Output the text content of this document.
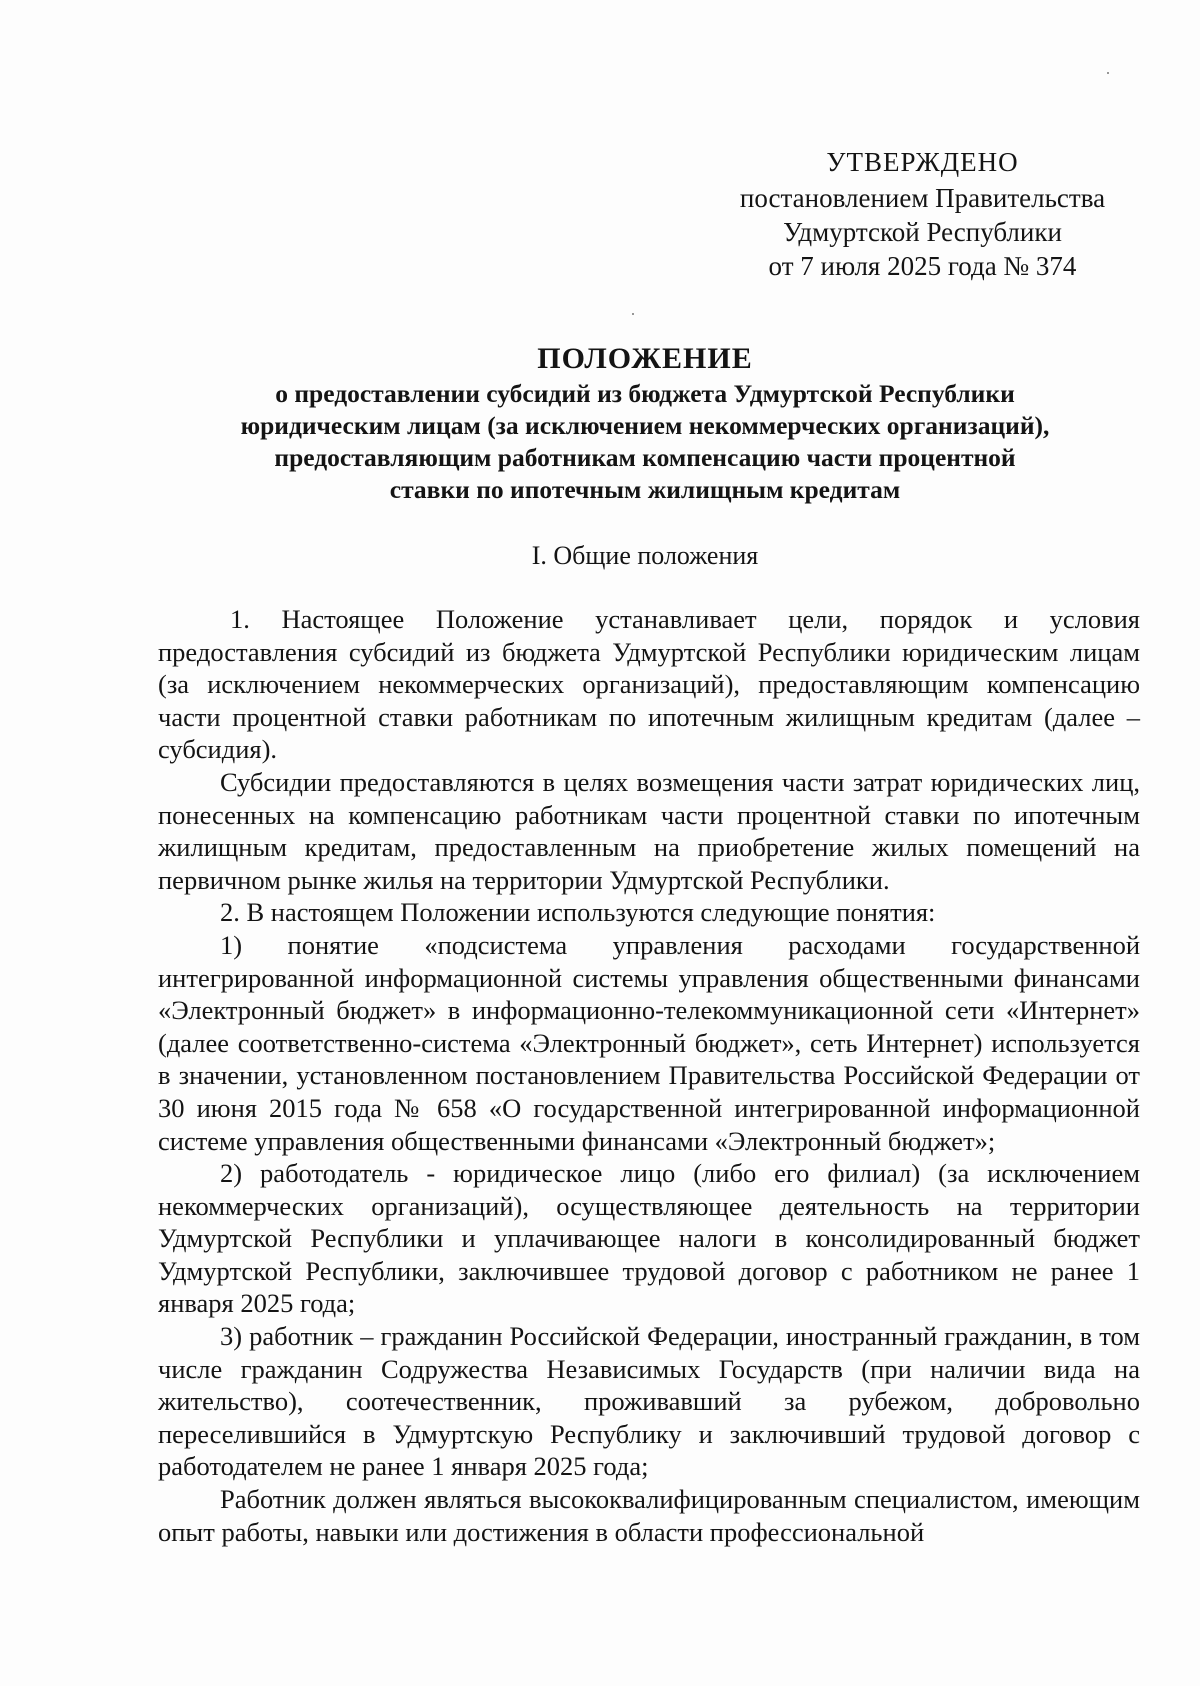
УТВЕРЖДЕНО
постановлением Правительства
Удмуртской Республики
от 7 июля 2025 года № 374
ПОЛОЖЕНИЕ
о предоставлении субсидий из бюджета Удмуртской Республики
юридическим лицам (за исключением некоммерческих организаций),
предоставляющим работникам компенсацию части процентной
ставки по ипотечным жилищным кредитам
I. Общие положения

1. Настоящее Положение устанавливает цели, порядок и условия предоставления субсидий из бюджета Удмуртской Республики юридическим лицам (за исключением некоммерческих организаций), предоставляющим компенсацию части процентной ставки работникам по ипотечным жилищным кредитам (далее –субсидия).

Субсидии предоставляются в целях возмещения части затрат юридических лиц, понесенных на компенсацию работникам части процентной ставки по ипотечным жилищным кредитам, предоставленным на приобретение жилых помещений на первичном рынке жилья на территории Удмуртской Республики.

2. В настоящем Положении используются следующие понятия:

1) понятие «подсистема управления расходами государственной интегрированной информационной системы управления общественными финансами «Электронный бюджет» в информационно-телекоммуникационной сети «Интернет» (далее соответственно-система «Электронный бюджет», сеть Интернет) используется в значении, установленном постановлением Правительства Российской Федерации от 30 июня 2015 года № 658 «О государственной интегрированной информационной системе управления общественными финансами «Электронный бюджет»;

2) работодатель - юридическое лицо (либо его филиал) (за исключением некоммерческих организаций), осуществляющее деятельность на территории Удмуртской Республики и уплачивающее налоги в консолидированный бюджет Удмуртской Республики, заключившее трудовой договор с работником не ранее 1 января 2025 года;

3) работник – гражданин Российской Федерации, иностранный гражданин, в том числе гражданин Содружества Независимых Государств (при наличии вида на жительство), соотечественник, проживавший за рубежом, добровольно переселившийся в Удмуртскую Республику и заключивший трудовой договор с работодателем не ранее 1 января 2025 года;

Работник должен являться высококвалифицированным специалистом, имеющим опыт работы, навыки или достижения в области профессиональной
